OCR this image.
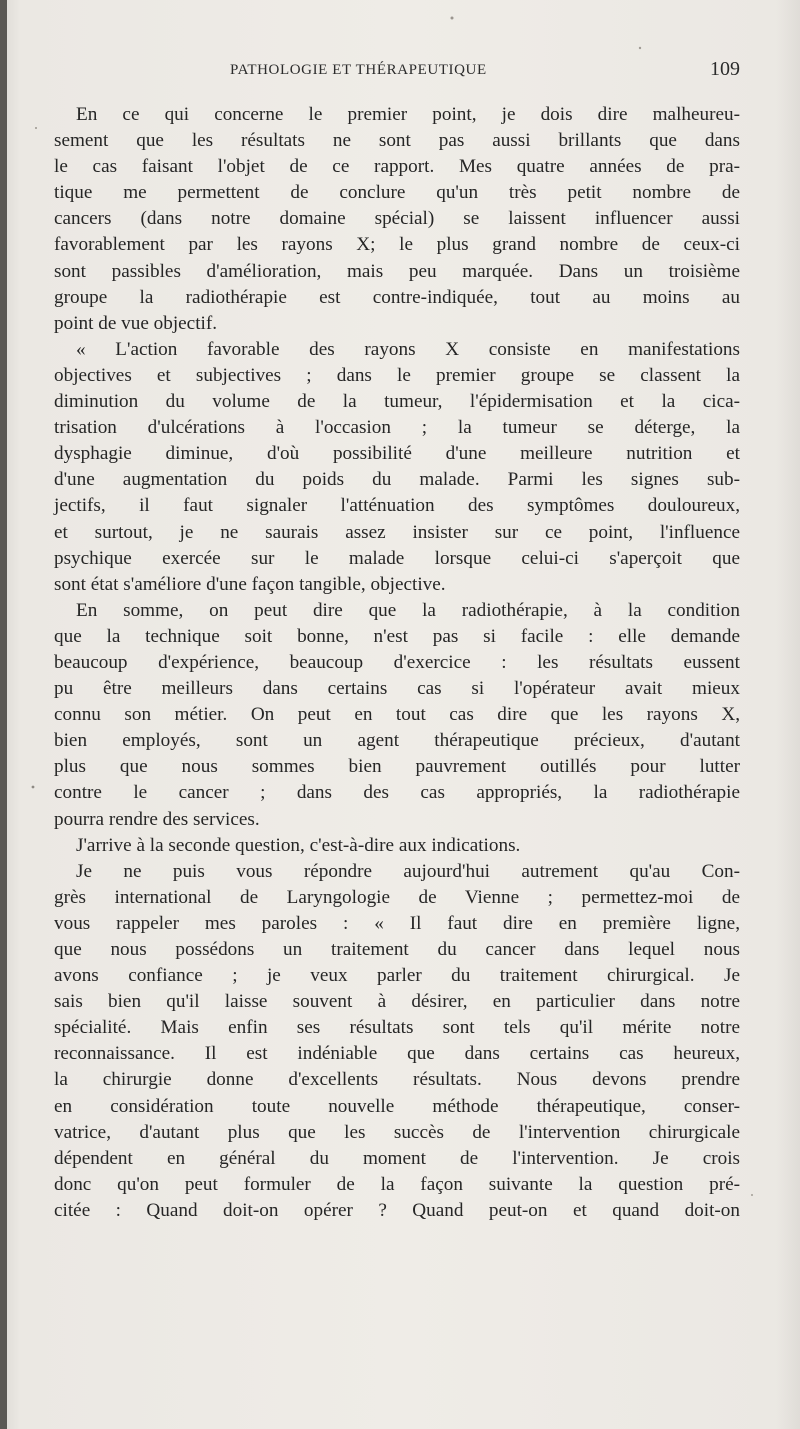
PATHOLOGIE ET THÉRAPEUTIQUE	109
En ce qui concerne le premier point, je dois dire malheureu-
sement que les résultats ne sont pas aussi brillants que dans
le cas faisant l'objet de ce rapport. Mes quatre années de pra-
tique me permettent de conclure qu'un très petit nombre de
cancers (dans notre domaine spécial) se laissent influencer aussi
favorablement par les rayons X; le plus grand nombre de ceux-ci
sont passibles d'amélioration, mais peu marquée. Dans un troisième
groupe la radiothérapie est contre-indiquée, tout au moins au
point de vue objectif.
« L'action favorable des rayons X consiste en manifestations
objectives et subjectives ; dans le premier groupe se classent la
diminution du volume de la tumeur, l'épidermisation et la cica-
trisation d'ulcérations à l'occasion ; la tumeur se déterge, la
dysphagie diminue, d'où possibilité d'une meilleure nutrition et
d'une augmentation du poids du malade. Parmi les signes sub-
jectifs, il faut signaler l'atténuation des symptômes douloureux,
et surtout, je ne saurais assez insister sur ce point, l'influence
psychique exercée sur le malade lorsque celui-ci s'aperçoit que
sont état s'améliore d'une façon tangible, objective.
En somme, on peut dire que la radiothérapie, à la condition
que la technique soit bonne, n'est pas si facile : elle demande
beaucoup d'expérience, beaucoup d'exercice : les résultats eussent
pu être meilleurs dans certains cas si l'opérateur avait mieux
connu son métier. On peut en tout cas dire que les rayons X,
bien employés, sont un agent thérapeutique précieux, d'autant
plus que nous sommes bien pauvrement outillés pour lutter
contre le cancer ; dans des cas appropriés, la radiothérapie
pourra rendre des services.
J'arrive à la seconde question, c'est-à-dire aux indications.
Je ne puis vous répondre aujourd'hui autrement qu'au Con-
grès international de Laryngologie de Vienne ; permettez-moi de
vous rappeler mes paroles : « Il faut dire en première ligne,
que nous possédons un traitement du cancer dans lequel nous
avons confiance ; je veux parler du traitement chirurgical. Je
sais bien qu'il laisse souvent à désirer, en particulier dans notre
spécialité. Mais enfin ses résultats sont tels qu'il mérite notre
reconnaissance. Il est indéniable que dans certains cas heureux,
la chirurgie donne d'excellents résultats. Nous devons prendre
en considération toute nouvelle méthode thérapeutique, conser-
vatrice, d'autant plus que les succès de l'intervention chirurgicale
dépendent en général du moment de l'intervention. Je crois
donc qu'on peut formuler de la façon suivante la question pré-
citée : Quand doit-on opérer ? Quand peut-on et quand doit-on
